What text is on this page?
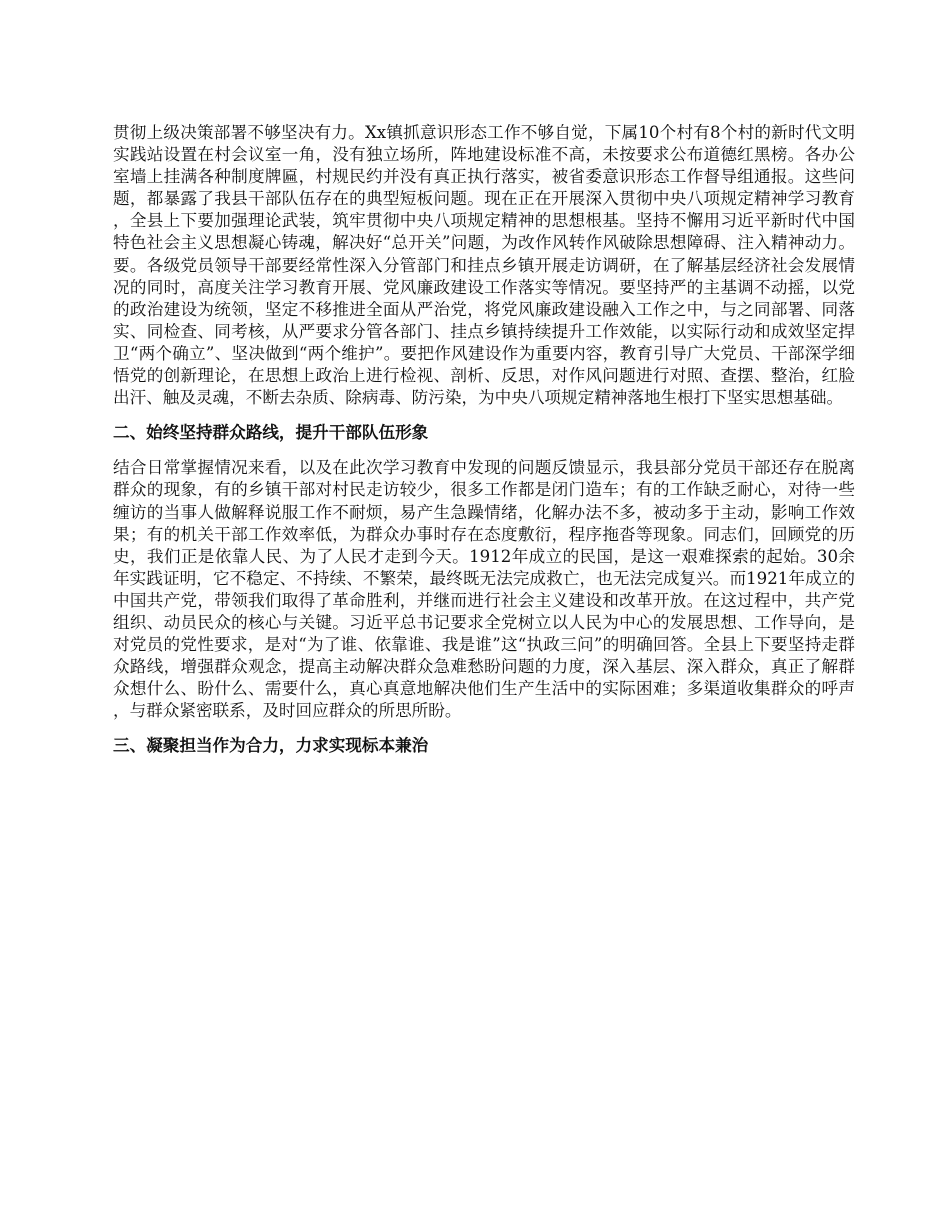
贯彻上级决策部署不够坚决有力。Xx镇抓意识形态工作不够自觉，下属10个村有8个村的新时代文明实践站设置在村会议室一角，没有独立场所，阵地建设标准不高，未按要求公布道德红黑榜。各办公室墙上挂满各种制度牌匾，村规民约并没有真正执行落实，被省委意识形态工作督导组通报。这些问题，都暴露了我县干部队伍存在的典型短板问题。现在正在开展深入贯彻中央八项规定精神学习教育，全县上下要加强理论武装，筑牢贯彻中央八项规定精神的思想根基。坚持不懈用习近平新时代中国特色社会主义思想凝心铸魂，解决好“总开关”问题，为改作风转作风破除思想障碍、注入精神动力。要。各级党员领导干部要经常性深入分管部门和挂点乡镇开展走访调研，在了解基层经济社会发展情况的同时，高度关注学习教育开展、党风廉政建设工作落实等情况。要坚持严的主基调不动摇，以党的政治建设为统领，坚定不移推进全面从严治党，将党风廉政建设融入工作之中，与之同部署、同落实、同检查、同考核，从严要求分管各部门、挂点乡镇持续提升工作效能，以实际行动和成效坚定捍卫“两个确立”、坚决做到“两个维护”。要把作风建设作为重要内容，教育引导广大党员、干部深学细悟党的创新理论，在思想上政治上进行检视、剖析、反思，对作风问题进行对照、查摆、整治，红脸出汗、触及灵魂，不断去杂质、除病毒、防污染，为中央八项规定精神落地生根打下坚实思想基础。

二、始终坚持群众路线，提升干部队伍形象

结合日常掌握情况来看，以及在此次学习教育中发现的问题反馈显示，我县部分党员干部还存在脱离群众的现象，有的乡镇干部对村民走访较少，很多工作都是闭门造车；有的工作缺乏耐心，对待一些缠访的当事人做解释说服工作不耐烦，易产生急躁情绪，化解办法不多，被动多于主动，影响工作效果；有的机关干部工作效率低，为群众办事时存在态度敷衍，程序拖沓等现象。同志们，回顾党的历史，我们正是依靠人民、为了人民才走到今天。1912年成立的民国，是这一艰难探索的起始。30余年实践证明，它不稳定、不持续、不繁荣，最终既无法完成救亡，也无法完成复兴。而1921年成立的中国共产党，带领我们取得了革命胜利，并继而进行社会主义建设和改革开放。在这过程中，共产党组织、动员民众的核心与关键。习近平总书记要求全党树立以人民为中心的发展思想、工作导向，是对党员的党性要求，是对“为了谁、依靠谁、我是谁”这“执政三问”的明确回答。全县上下要坚持走群众路线，增强群众观念，提高主动解决群众急难愁盼问题的力度，深入基层、深入群众，真正了解群众想什么、盼什么、需要什么，真心真意地解决他们生产生活中的实际困难；多渠道收集群众的呼声，与群众紧密联系，及时回应群众的所思所盼。

三、凝聚担当作为合力，力求实现标本兼治
